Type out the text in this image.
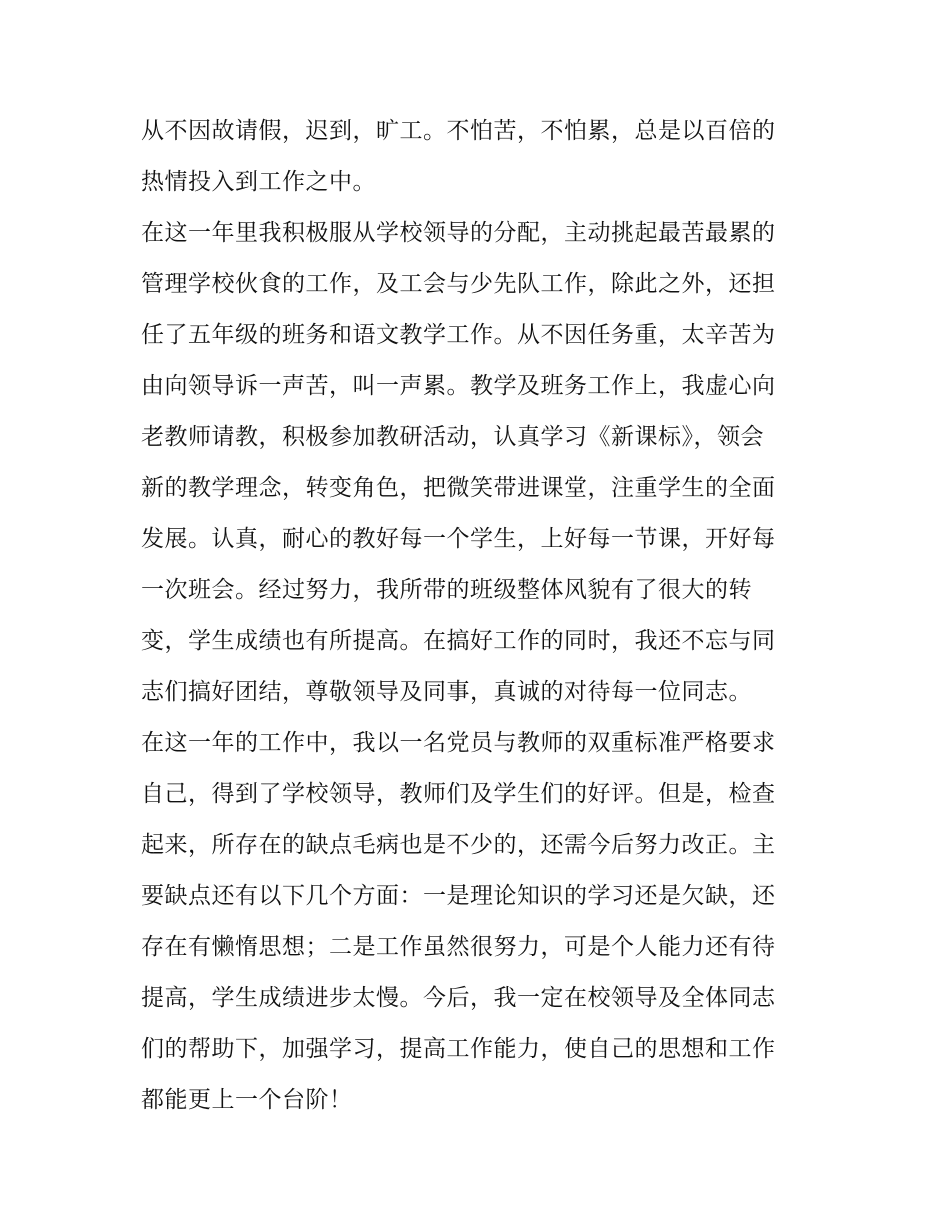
从不因故请假，迟到，旷工。不怕苦，不怕累，总是以百倍的
热情投入到工作之中。
在这一年里我积极服从学校领导的分配，主动挑起最苦最累的
管理学校伙食的工作，及工会与少先队工作，除此之外，还担
任了五年级的班务和语文教学工作。从不因任务重，太辛苦为
由向领导诉一声苦，叫一声累。教学及班务工作上，我虚心向
老教师请教，积极参加教研活动，认真学习《新课标》，领会
新的教学理念，转变角色，把微笑带进课堂，注重学生的全面
发展。认真，耐心的教好每一个学生，上好每一节课，开好每
一次班会。经过努力，我所带的班级整体风貌有了很大的转
变，学生成绩也有所提高。在搞好工作的同时，我还不忘与同
志们搞好团结，尊敬领导及同事，真诚的对待每一位同志。
在这一年的工作中，我以一名党员与教师的双重标准严格要求
自己，得到了学校领导，教师们及学生们的好评。但是，检查
起来，所存在的缺点毛病也是不少的，还需今后努力改正。主
要缺点还有以下几个方面：一是理论知识的学习还是欠缺，还
存在有懒惰思想；二是工作虽然很努力，可是个人能力还有待
提高，学生成绩进步太慢。今后，我一定在校领导及全体同志
们的帮助下，加强学习，提高工作能力，使自己的思想和工作
都能更上一个台阶！
